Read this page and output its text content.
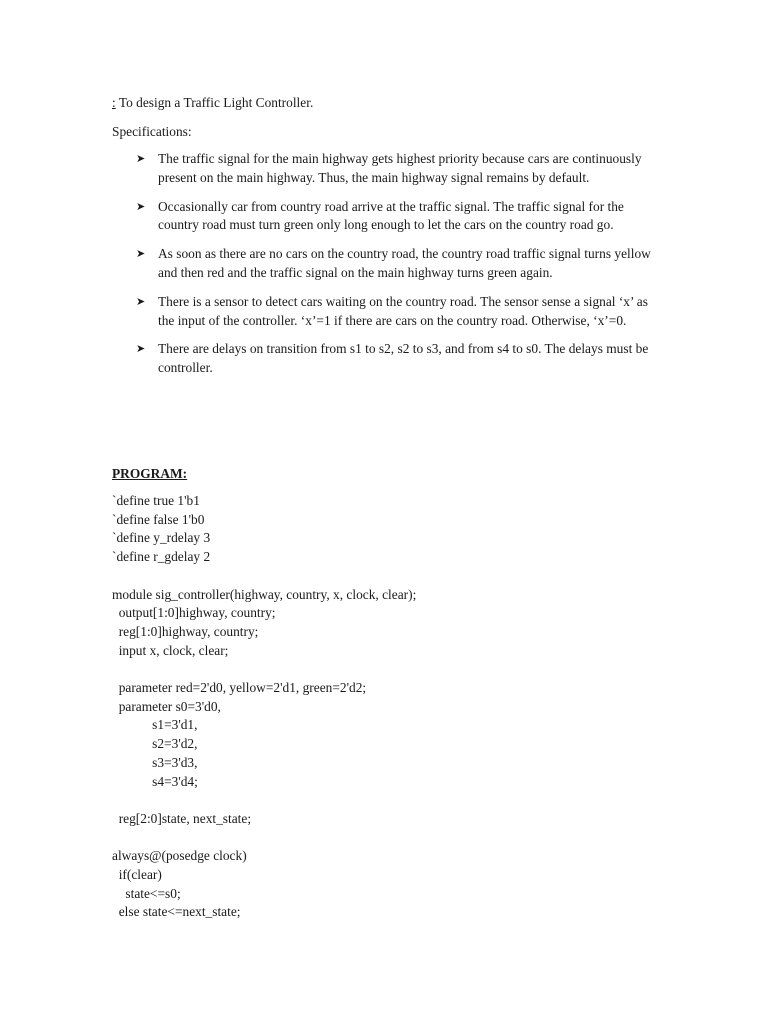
: To design a Traffic Light Controller.
Specifications:
➤ The traffic signal for the main highway gets highest priority because cars are continuously present on the main highway. Thus, the main highway signal remains by default.
➤ Occasionally car from country road arrive at the traffic signal. The traffic signal for the country road must turn green only long enough to let the cars on the country road go.
➤ As soon as there are no cars on the country road, the country road traffic signal turns yellow and then red and the traffic signal on the main highway turns green again.
➤ There is a sensor to detect cars waiting on the country road. The sensor sense a signal ‘x’ as the input of the controller. ‘x’=1 if there are cars on the country road. Otherwise, ‘x’=0.
➤ There are delays on transition from s1 to s2, s2 to s3, and from s4 to s0. The delays must be controller.
PROGRAM:
`define true 1'b1
`define false 1'b0
`define y_rdelay 3
`define r_gdelay 2

module sig_controller(highway, country, x, clock, clear);
output[1:0]highway, country;
reg[1:0]highway, country;
input x, clock, clear;

parameter red=2'd0, yellow=2'd1, green=2'd2;
parameter s0=3'd0,
s1=3'd1,
s2=3'd2,
s3=3'd3,
s4=3'd4;

reg[2:0]state, next_state;

always@(posedge clock)
if(clear)
state<=s0;
else state<=next_state;
